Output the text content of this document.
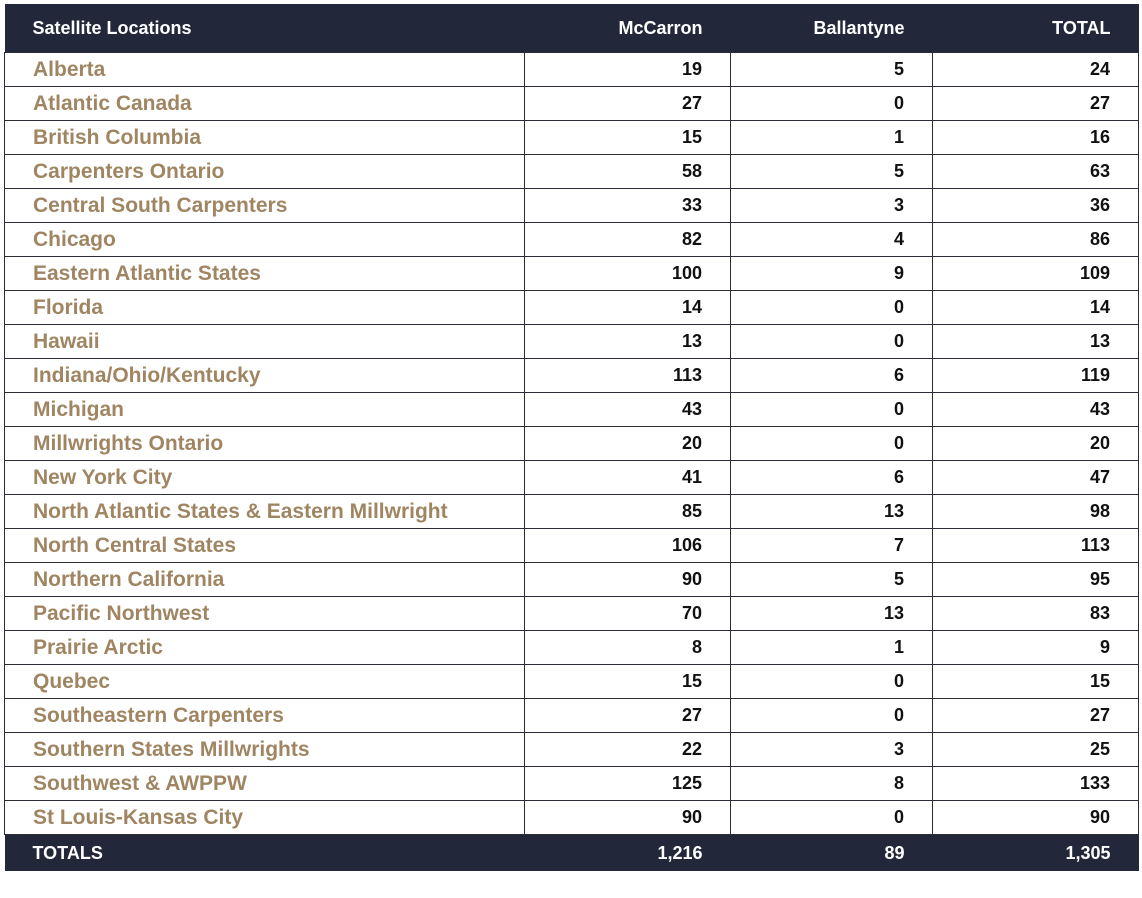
Satellite Locations	McCarron	Ballantyne	TOTAL
Alberta	19	5	24
Atlantic Canada	27	0	27
British Columbia	15	1	16
Carpenters Ontario	58	5	63
Central South Carpenters	33	3	36
Chicago	82	4	86
Eastern Atlantic States	100	9	109
Florida	14	0	14
Hawaii	13	0	13
Indiana/Ohio/Kentucky	113	6	119
Michigan	43	0	43
Millwrights Ontario	20	0	20
New York City	41	6	47
North Atlantic States & Eastern Millwright	85	13	98
North Central States	106	7	113
Northern California	90	5	95
Pacific Northwest	70	13	83
Prairie Arctic	8	1	9
Quebec	15	0	15
Southeastern Carpenters	27	0	27
Southern States Millwrights	22	3	25
Southwest & AWPPW	125	8	133
St Louis-Kansas City	90	0	90
TOTALS	1,216	89	1,305
